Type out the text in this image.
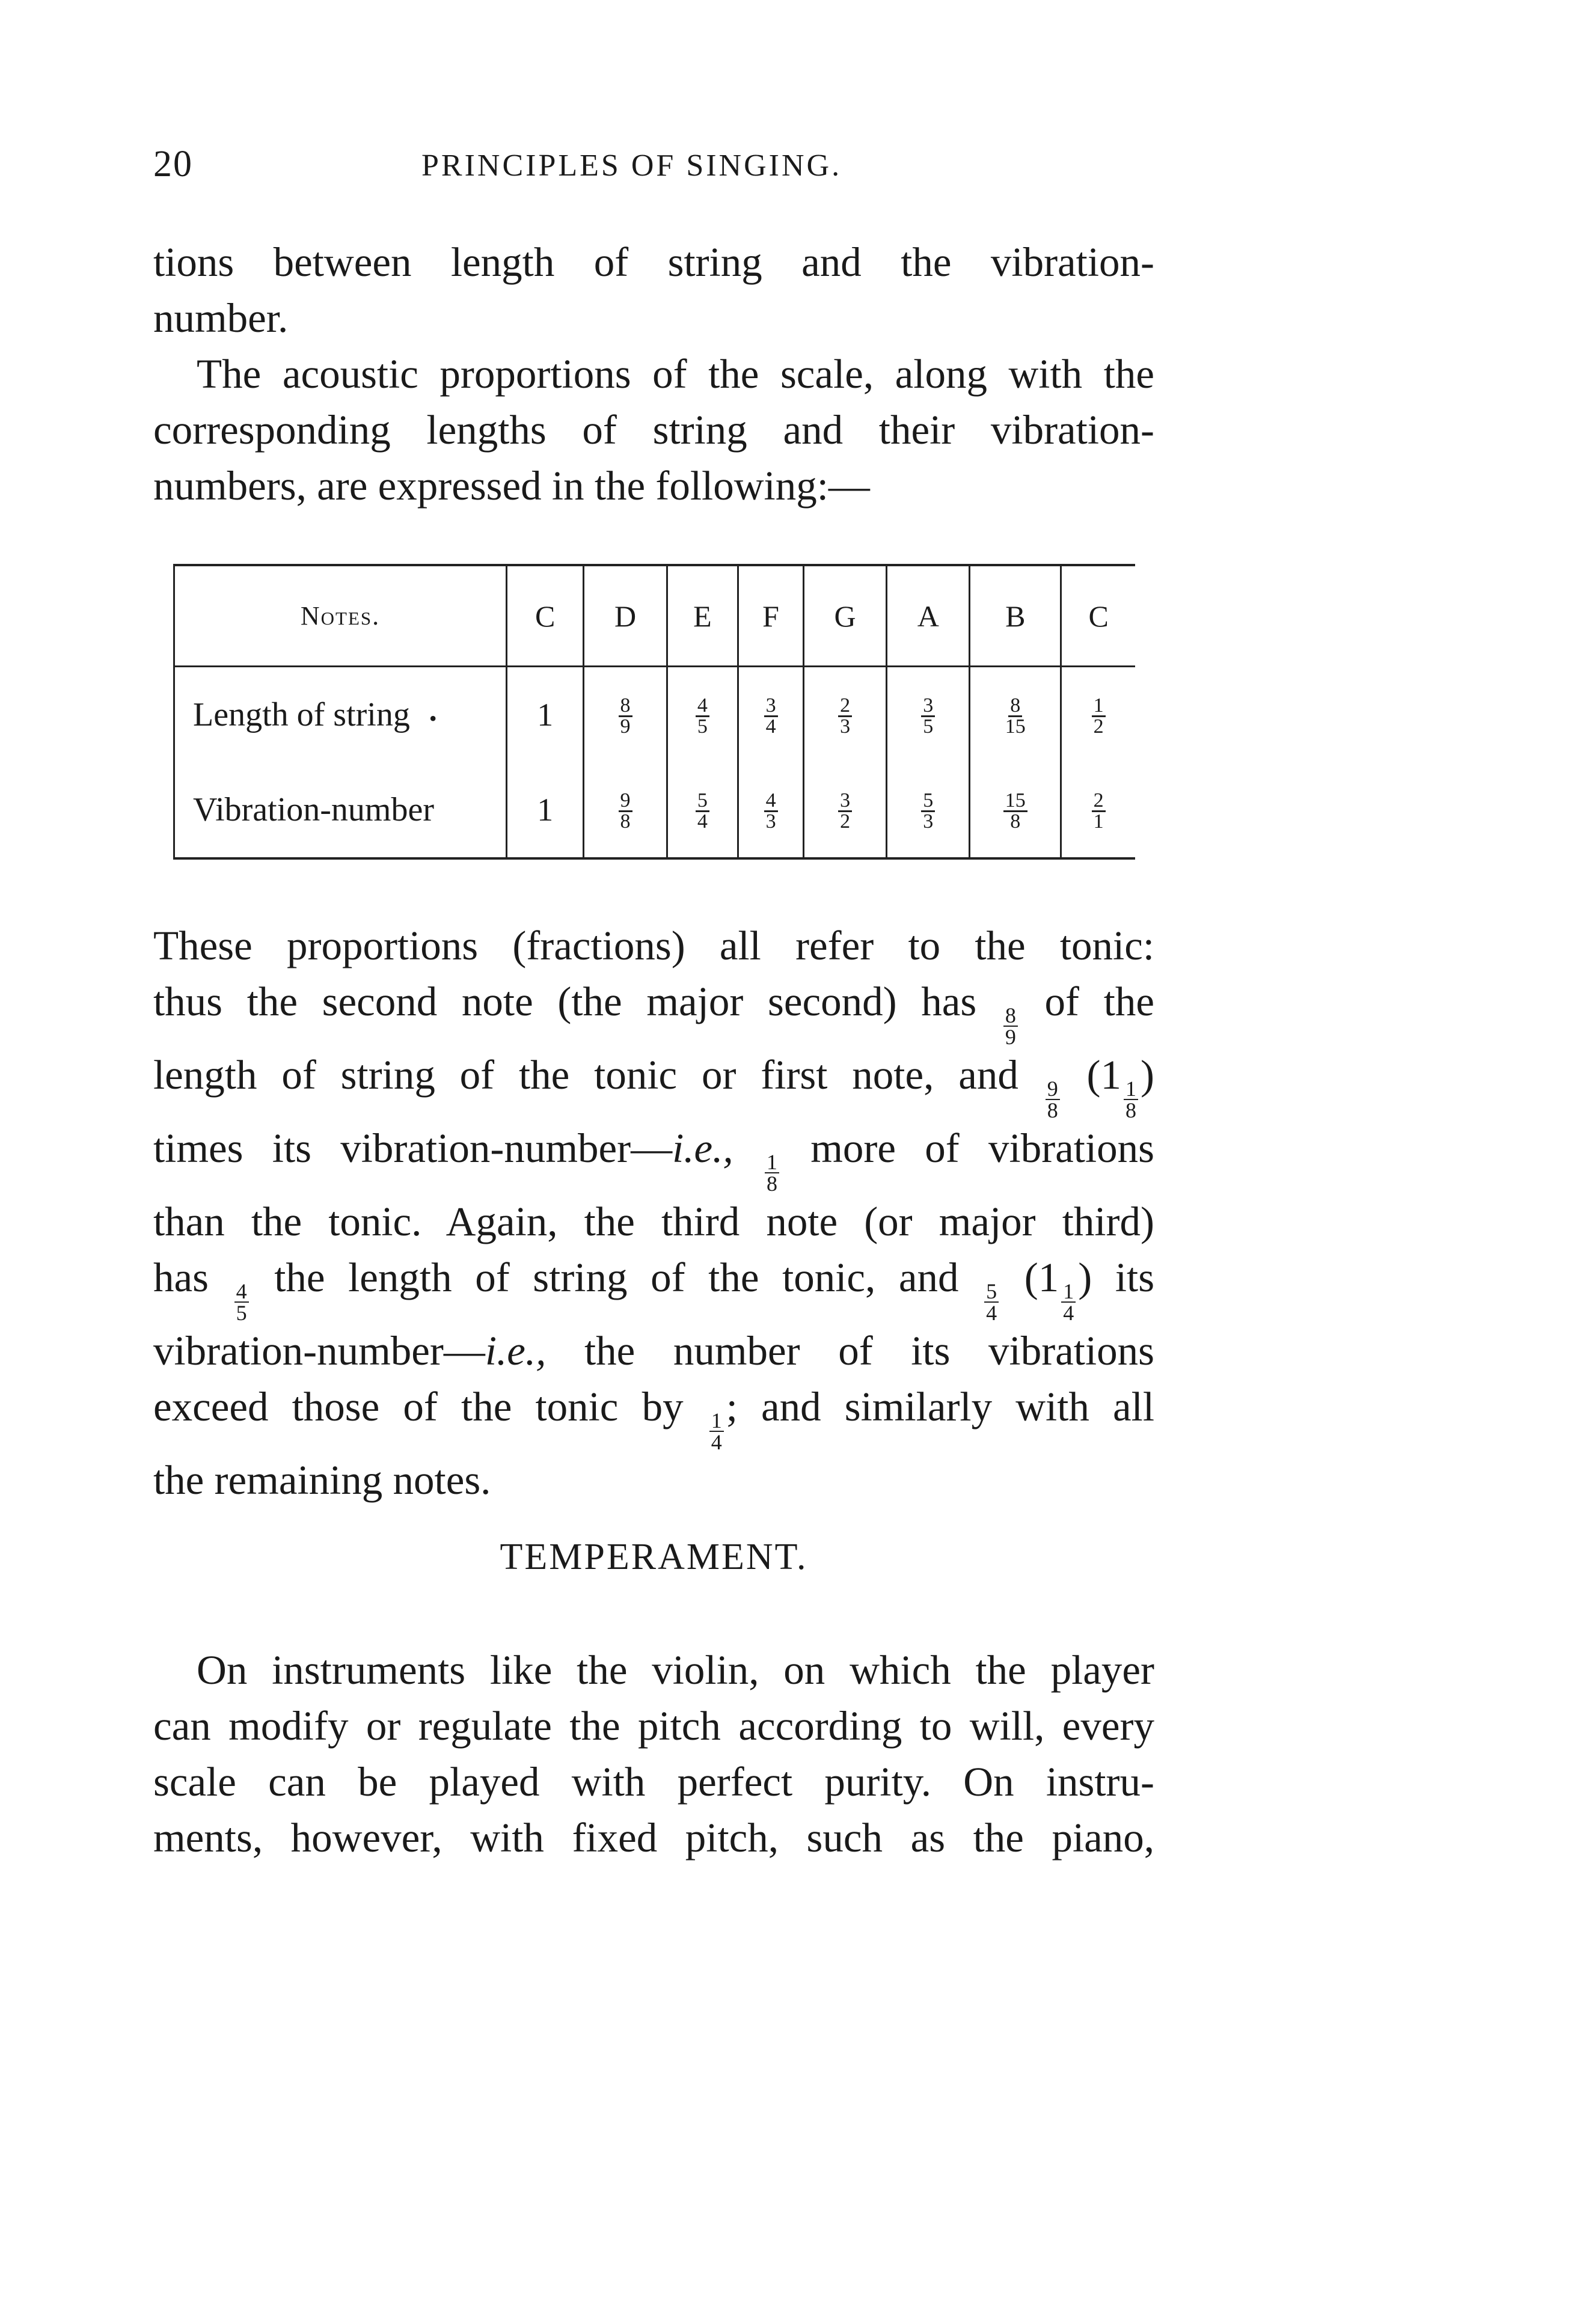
20	PRINCIPLES OF SINGING.
tions between length of string and the vibration-
number.
The acoustic proportions of the scale, along with the
corresponding lengths of string and their vibration-
numbers, are expressed in the following:—
Notes.	C	D	E	F	G	A	B	C
Length of string •	1	$\frac{8}{9}$	$\frac{4}{5}$	$\frac{3}{4}$	$\frac{2}{3}$	$\frac{3}{5}$	$\frac{8}{15}$	$\frac{1}{2}$

Vibration-number	1	$\frac{9}{8}$	$\frac{5}{4}$	$\frac{4}{3}$	$\frac{3}{2}$	$\frac{5}{3}$	$\frac{15}{8}$	$\frac{2}{1}$
These proportions (fractions) all refer to the tonic:
thus the second note (the major second) has
$\frac{8}{9}$
of the
length of string of the tonic or first note, and
$\frac{9}{8}$
(1
$\frac{1}{8}$
)
times its vibration-number—i.e.,
$\frac{1}{8}$
more of vibrations
than the tonic. Again, the third note (or major third)
has
$\frac{4}{5}$
the length of string of the tonic, and
$\frac{5}{4}$
(1
$\frac{1}{4}$
) its
vibration-number—i.e., the number of its vibrations
exceed those of the tonic by
$\frac{1}{4}$
; and similarly with all
the remaining notes.
TEMPERAMENT.
On instruments like the violin, on which the player
can modify or regulate the pitch according to will, every
scale can be played with perfect purity. On instru-
ments, however, with fixed pitch, such as the piano,
